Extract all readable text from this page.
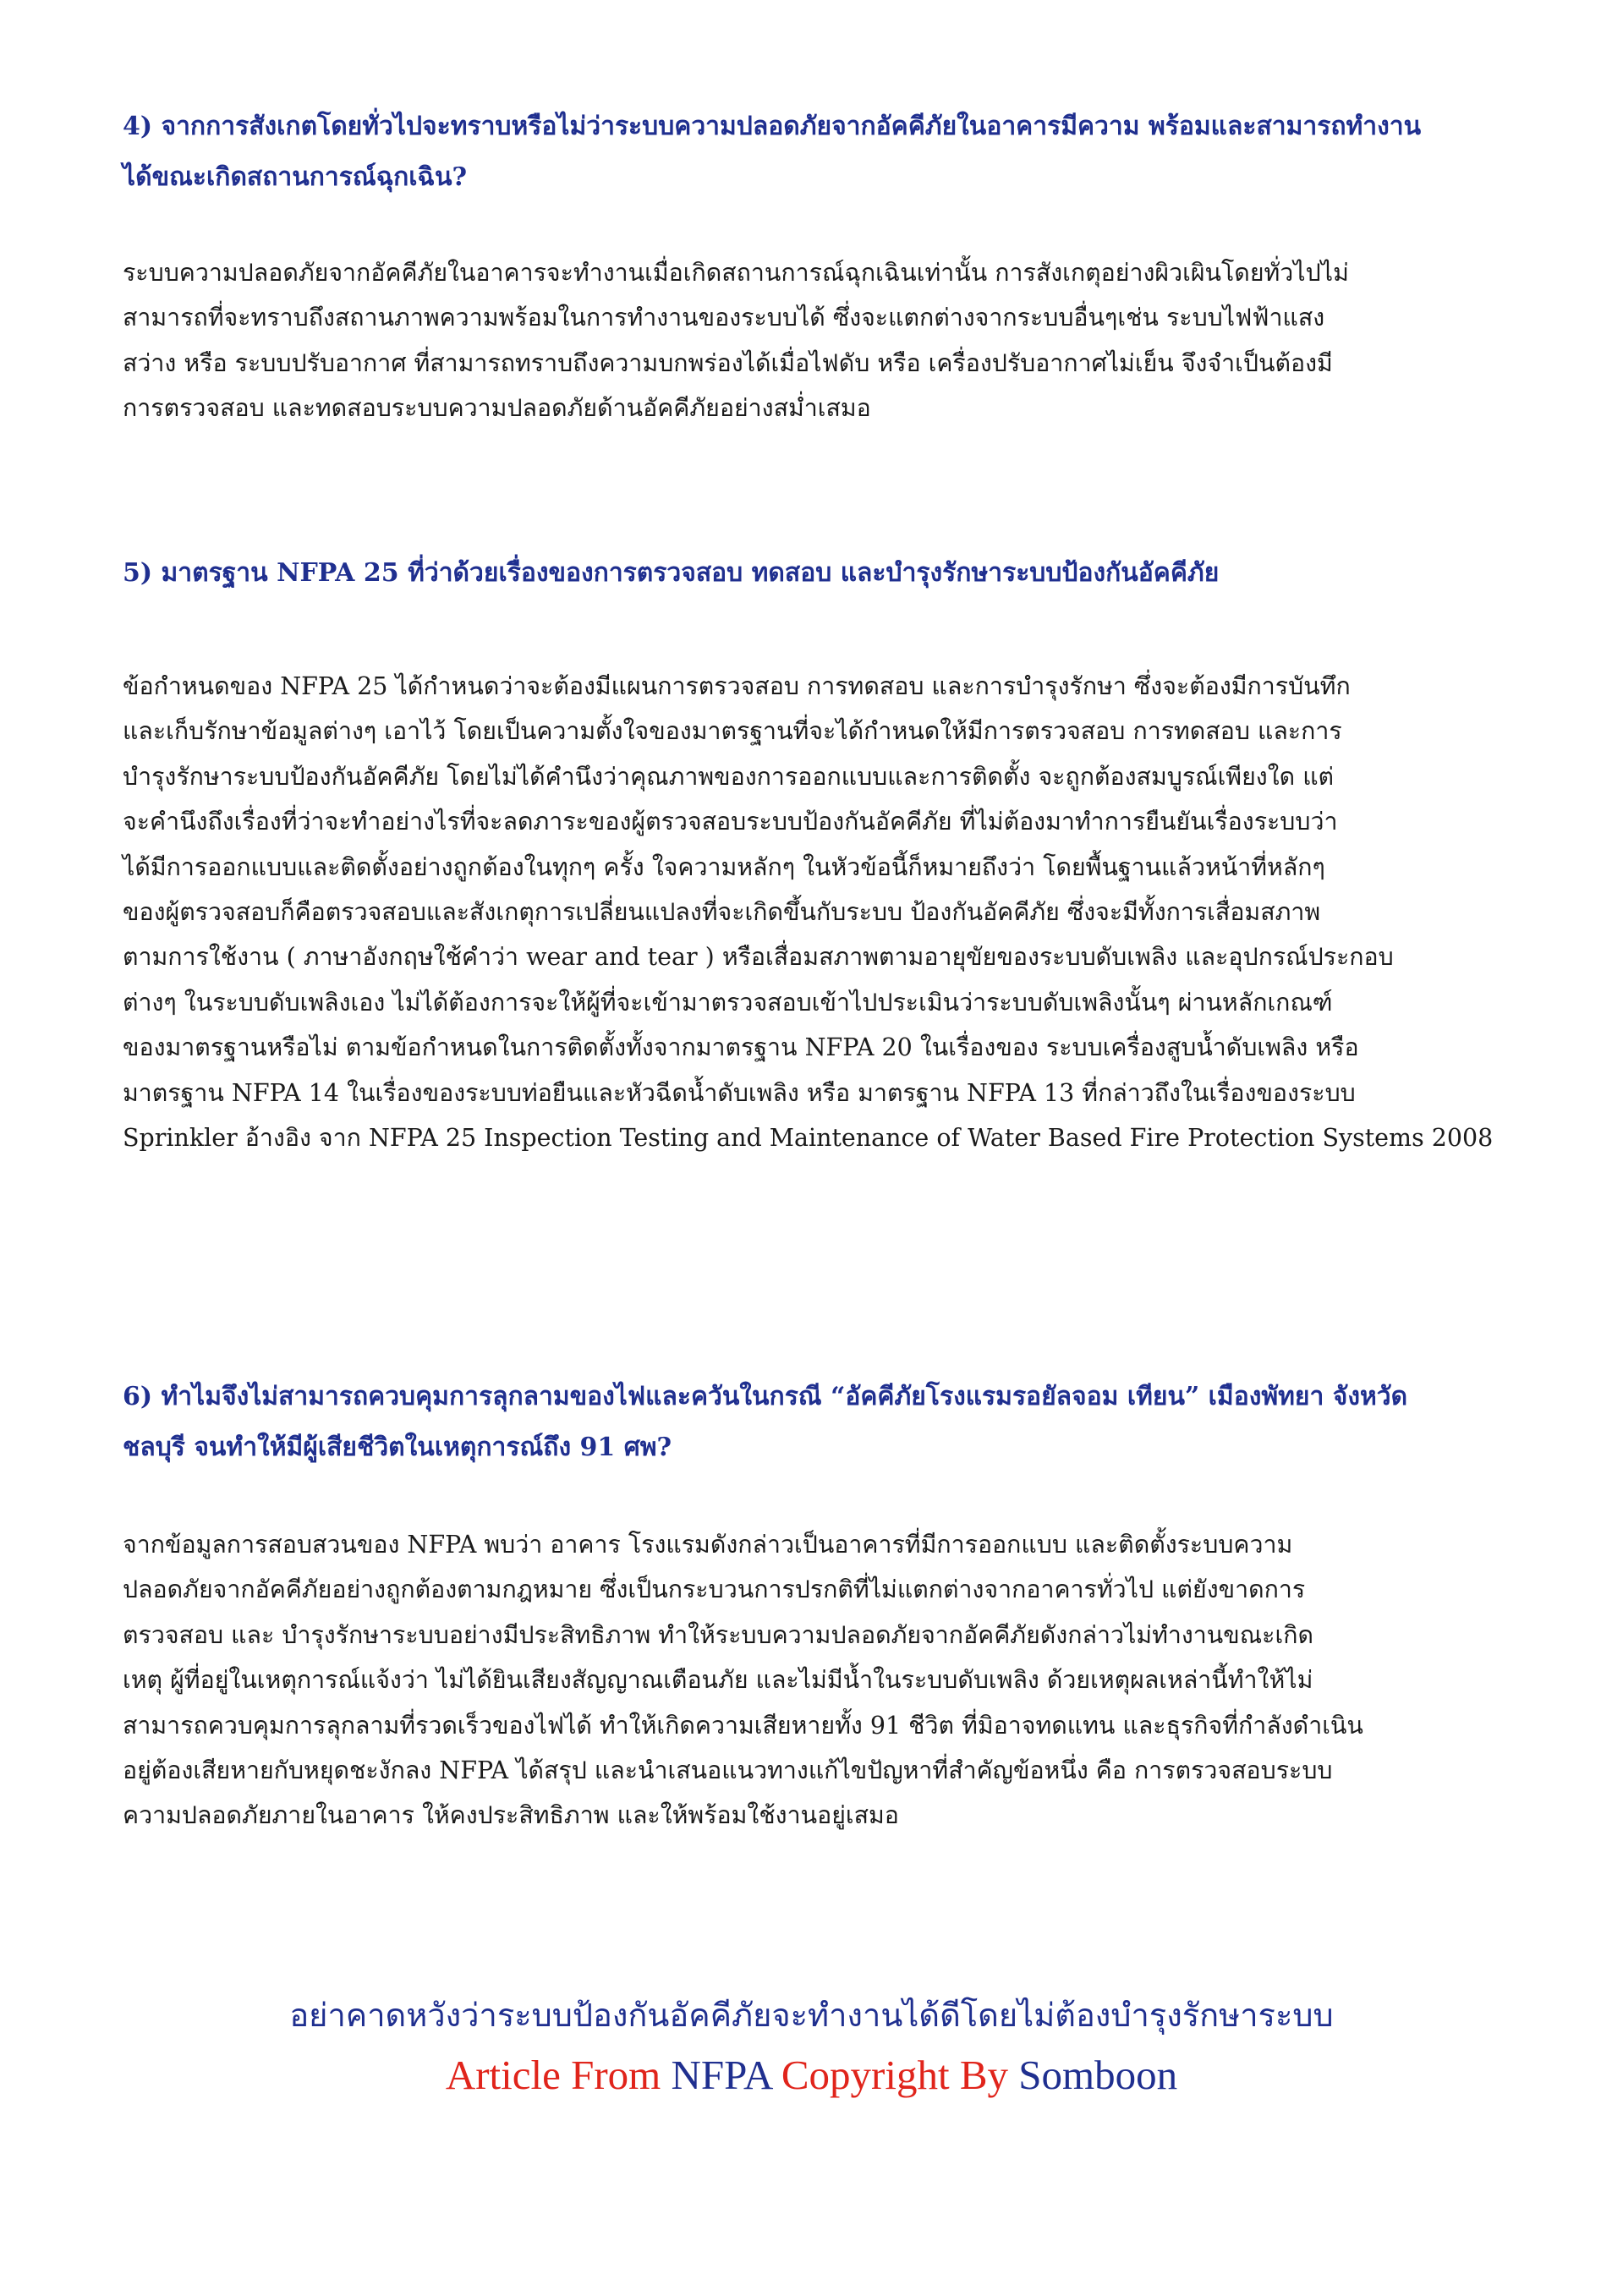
4) จากการสังเกตโดยทั่วไปจะทราบหรือไม่ว่าระบบความปลอดภัยจากอัคคีภัยในอาคารมีความ พร้อมและสามารถทำงาน
ได้ขณะเกิดสถานการณ์ฉุกเฉิน?
ระบบความปลอดภัยจากอัคคีภัยในอาคารจะทำงานเมื่อเกิดสถานการณ์ฉุกเฉินเท่านั้น การสังเกตุอย่างผิวเผินโดยทั่วไปไม่
สามารถที่จะทราบถึงสถานภาพความพร้อมในการทำงานของระบบได้ ซึ่งจะแตกต่างจากระบบอื่นๆเช่น ระบบไฟฟ้าแสง
สว่าง หรือ ระบบปรับอากาศ ที่สามารถทราบถึงความบกพร่องได้เมื่อไฟดับ หรือ เครื่องปรับอากาศไม่เย็น จึงจำเป็นต้องมี
การตรวจสอบ และทดสอบระบบความปลอดภัยด้านอัคคีภัยอย่างสม่ำเสมอ
5) มาตรฐาน NFPA 25 ที่ว่าด้วยเรื่องของการตรวจสอบ ทดสอบ และบำรุงรักษาระบบป้องกันอัคคีภัย
ข้อกำหนดของ NFPA 25 ได้กำหนดว่าจะต้องมีแผนการตรวจสอบ การทดสอบ และการบำรุงรักษา ซึ่งจะต้องมีการบันทึก
และเก็บรักษาข้อมูลต่างๆ เอาไว้ โดยเป็นความตั้งใจของมาตรฐานที่จะได้กำหนดให้มีการตรวจสอบ การทดสอบ และการ
บำรุงรักษาระบบป้องกันอัคคีภัย โดยไม่ได้คำนึงว่าคุณภาพของการออกแบบและการติดตั้ง จะถูกต้องสมบูรณ์เพียงใด แต่
จะคำนึงถึงเรื่องที่ว่าจะทำอย่างไรที่จะลดภาระของผู้ตรวจสอบระบบป้องกันอัคคีภัย ที่ไม่ต้องมาทำการยืนยันเรื่องระบบว่า
ได้มีการออกแบบและติดตั้งอย่างถูกต้องในทุกๆ ครั้ง ใจความหลักๆ ในหัวข้อนี้ก็หมายถึงว่า โดยพื้นฐานแล้วหน้าที่หลักๆ
ของผู้ตรวจสอบก็คือตรวจสอบและสังเกตุการเปลี่ยนแปลงที่จะเกิดขึ้นกับระบบ ป้องกันอัคคีภัย ซึ่งจะมีทั้งการเสื่อมสภาพ
ตามการใช้งาน ( ภาษาอังกฤษใช้คำว่า wear and tear ) หรือเสื่อมสภาพตามอายุขัยของระบบดับเพลิง และอุปกรณ์ประกอบ
ต่างๆ ในระบบดับเพลิงเอง ไม่ได้ต้องการจะให้ผู้ที่จะเข้ามาตรวจสอบเข้าไปประเมินว่าระบบดับเพลิงนั้นๆ ผ่านหลักเกณฑ์
ของมาตรฐานหรือไม่ ตามข้อกำหนดในการติดตั้งทั้งจากมาตรฐาน NFPA 20 ในเรื่องของ ระบบเครื่องสูบน้ำดับเพลิง หรือ
มาตรฐาน NFPA 14 ในเรื่องของระบบท่อยืนและหัวฉีดน้ำดับเพลิง หรือ มาตรฐาน NFPA 13 ที่กล่าวถึงในเรื่องของระบบ
Sprinkler อ้างอิง จาก NFPA 25 Inspection Testing and Maintenance of Water Based Fire Protection Systems 2008
6) ทำไมจึงไม่สามารถควบคุมการลุกลามของไฟและควันในกรณี “อัคคีภัยโรงแรมรอยัลจอม เทียน” เมืองพัทยา จังหวัด
ชลบุรี จนทำให้มีผู้เสียชีวิตในเหตุการณ์ถึง 91 ศพ?
จากข้อมูลการสอบสวนของ NFPA พบว่า อาคาร โรงแรมดังกล่าวเป็นอาคารที่มีการออกแบบ และติดตั้งระบบความ
ปลอดภัยจากอัคคีภัยอย่างถูกต้องตามกฎหมาย ซึ่งเป็นกระบวนการปรกติที่ไม่แตกต่างจากอาคารทั่วไป แต่ยังขาดการ
ตรวจสอบ และ บำรุงรักษาระบบอย่างมีประสิทธิภาพ ทำให้ระบบความปลอดภัยจากอัคคีภัยดังกล่าวไม่ทำงานขณะเกิด
เหตุ ผู้ที่อยู่ในเหตุการณ์แจ้งว่า ไม่ได้ยินเสียงสัญญาณเตือนภัย และไม่มีน้ำในระบบดับเพลิง ด้วยเหตุผลเหล่านี้ทำให้ไม่
สามารถควบคุมการลุกลามที่รวดเร็วของไฟได้ ทำให้เกิดความเสียหายทั้ง 91 ชีวิต ที่มิอาจทดแทน และธุรกิจที่กำลังดำเนิน
อยู่ต้องเสียหายกับหยุดชะงักลง NFPA ได้สรุป และนำเสนอแนวทางแก้ไขปัญหาที่สำคัญข้อหนึ่ง คือ การตรวจสอบระบบ
ความปลอดภัยภายในอาคาร ให้คงประสิทธิภาพ และให้พร้อมใช้งานอยู่เสมอ
อย่าคาดหวังว่าระบบป้องกันอัคคีภัยจะทำงานได้ดีโดยไม่ต้องบำรุงรักษาระบบ
Article From NFPA Copyright By Somboon
